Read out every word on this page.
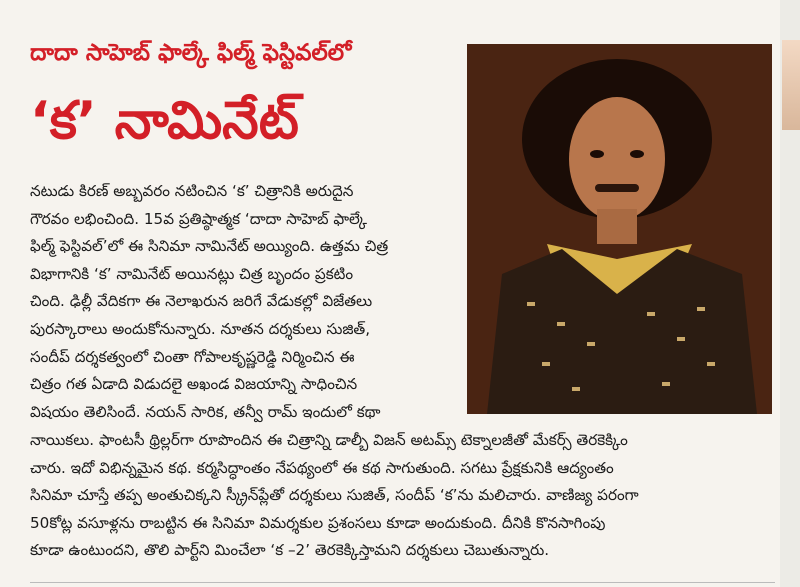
దాదా సాహెబ్ ఫాల్కే ఫిల్మ్ ఫెస్టివల్‌లో
‘క’ నామినేట్
నటుడు కిరణ్ అబ్బవరం నటించిన ‘క’ చిత్రానికి అరుదైన
గౌరవం లభించింది. 15వ ప్రతిష్ఠాత్మక ‘దాదా సాహెబ్ ఫాల్కే
ఫిల్మ్ ఫెస్టివల్’లో ఈ సినిమా నామినేట్ అయ్యింది. ఉత్తమ చిత్ర
విభాగానికి ‘క’ నామినేట్ అయినట్లు చిత్ర బృందం ప్రకటిం
చింది. ఢిల్లీ వేదికగా ఈ నెలాఖరున జరిగే వేడుకల్లో విజేతలు
పురస్కారాలు అందుకోనున్నారు. నూతన దర్శకులు సుజిత్,
సందీప్ దర్శకత్వంలో చింతా గోపాలకృష్ణరెడ్డి నిర్మించిన ఈ
చిత్రం గత ఏడాది విడుదలై అఖండ విజయాన్ని సాధించిన
విషయం తెలిసిందే. నయన్ సారిక, తన్వీ రామ్ ఇందులో కథా
నాయికలు. ఫాంటసీ థ్రిల్లర్‌గా రూపొందిన ఈ చిత్రాన్ని డాల్బీ విజన్ అటమ్స్ టెక్నాలజీతో మేకర్స్ తెరకెక్కిం
చారు. ఇదో విభిన్నమైన కథ. కర్మసిద్ధాంతం నేపథ్యంలో ఈ కథ సాగుతుంది. సగటు ప్రేక్షకునికి ఆద్యంతం
సినిమా చూస్తే తప్ప అంతుచిక్కని స్క్రీన్‌ప్లేతో దర్శకులు సుజిత్, సందీప్ ‘క’ను మలిచారు. వాణిజ్య పరంగా
50కోట్ల వసూళ్లను రాబట్టిన ఈ సినిమా విమర్శకుల ప్రశంసలు కూడా అందుకుంది. దీనికి కొనసాగింపు
కూడా ఉంటుందని, తొలి పార్ట్‌ని మించేలా ‘క –2’ తెరకెక్కిస్తామని దర్శకులు చెబుతున్నారు.
